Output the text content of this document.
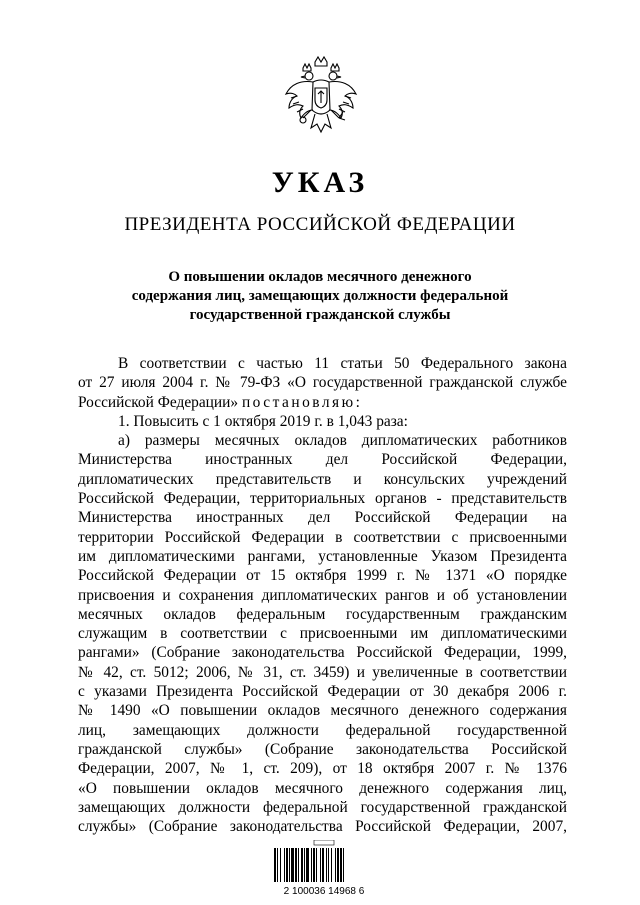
УКАЗ
ПРЕЗИДЕНТА РОССИЙСКОЙ ФЕДЕРАЦИИ
О повышении окладов месячного денежного
содержания лиц, замещающих должности федеральной
государственной гражданской службы
В соответствии с частью 11 статьи 50 Федерального закона
от 27 июля 2004 г. № 79-ФЗ «О государственной гражданской службе
Российской Федерации» постановляю:
1. Повысить с 1 октября 2019 г. в 1,043 раза:
а) размеры месячных окладов дипломатических работников
Министерства иностранных дел Российской Федерации,
дипломатических представительств и консульских учреждений
Российской Федерации, территориальных органов - представительств
Министерства иностранных дел Российской Федерации на
территории Российской Федерации в соответствии с присвоенными
им дипломатическими рангами, установленные Указом Президента
Российской Федерации от 15 октября 1999 г. № 1371 «О порядке
присвоения и сохранения дипломатических рангов и об установлении
месячных окладов федеральным государственным гражданским
служащим в соответствии с присвоенными им дипломатическими
рангами» (Собрание законодательства Российской Федерации, 1999,
№ 42, ст. 5012; 2006, № 31, ст. 3459) и увеличенные в соответствии
с указами Президента Российской Федерации от 30 декабря 2006 г.
№ 1490 «О повышении окладов месячного денежного содержания
лиц, замещающих должности федеральной государственной
гражданской службы» (Собрание законодательства Российской
Федерации, 2007, № 1, ст. 209), от 18 октября 2007 г. № 1376
«О повышении окладов месячного денежного содержания лиц,
замещающих должности федеральной государственной гражданской
службы» (Собрание законодательства Российской Федерации, 2007,
2 100036 14968 6
